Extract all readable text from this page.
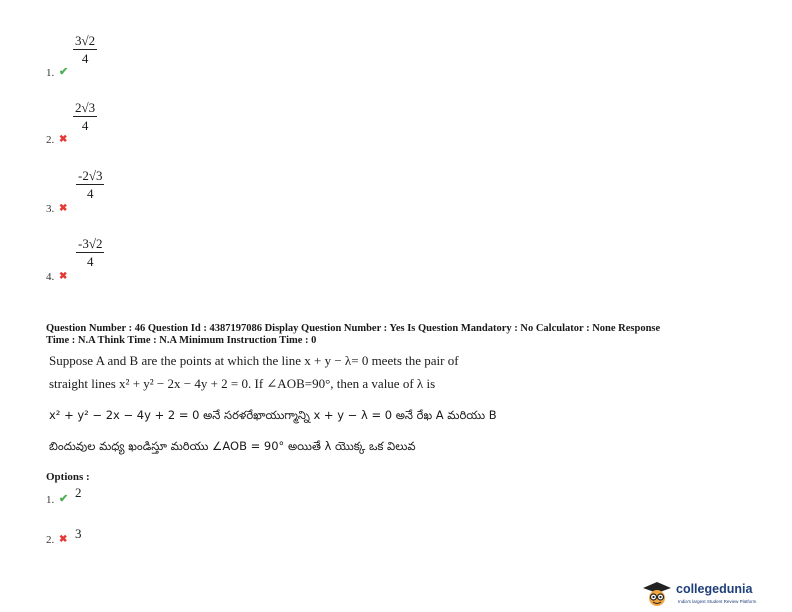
$\frac{3√2}{4}$
1. ✔
$\frac{2√3}{4}$
2. ✖
$\frac{-2√3}{4}$
3. ✖
$\frac{-3√2}{4}$
4. ✖
Question Number : 46 Question Id : 4387197086 Display Question Number : Yes Is Question Mandatory : No Calculator : None Response
Time : N.A Think Time : N.A Minimum Instruction Time : 0
Suppose A and B are the points at which the line x + y − λ= 0 meets the pair of
straight lines x² + y² − 2x − 4y + 2 = 0. If ∠AOB=90°, then a value of λ is
x² + y² − 2x − 4y + 2 = 0 అనే సరళరేఖాయుగ్మాన్ని x + y − λ = 0 అనే రేఖ A మరియు B
బిందువుల మధ్య ఖండిస్తూ మరియు ∠AOB = 90° అయితే λ యొక్క ఒక విలువ
Options :
1. ✔ 2
2. ✖ 3
collegedunia
India's largest Student Review Platform
